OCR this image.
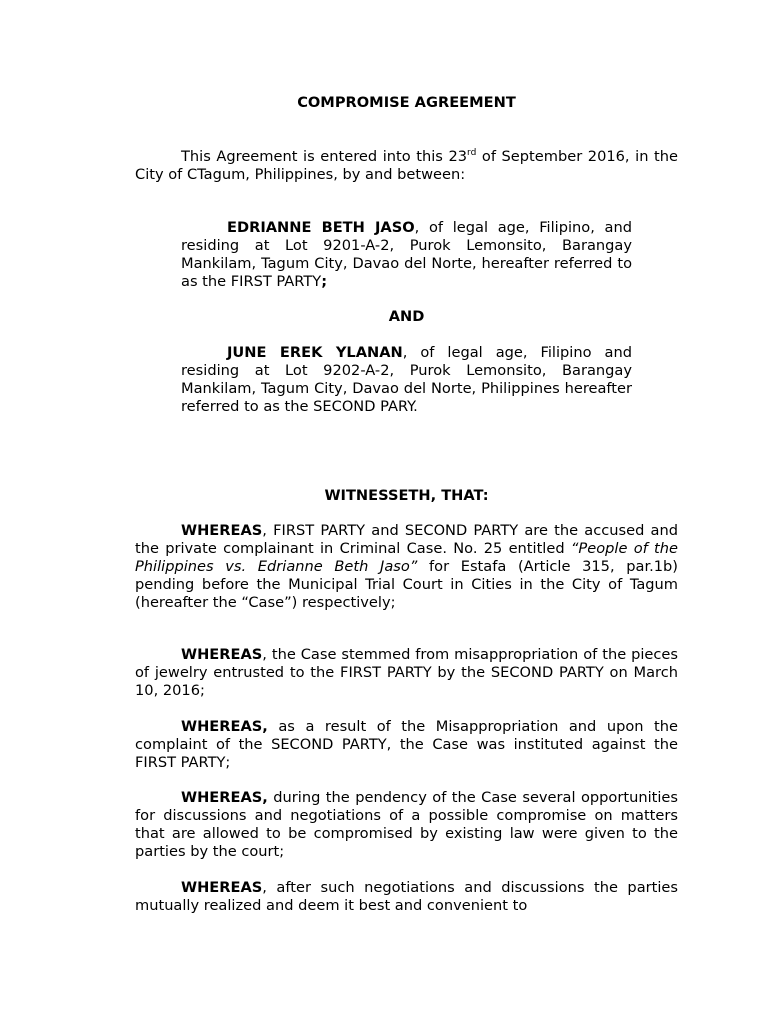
COMPROMISE AGREEMENT

This Agreement is entered into this 23rd of September 2016, in the City of CTagum, Philippines, by and between:

EDRIANNE BETH JASO, of legal age, Filipino, and residing at Lot 9201-A-2, Purok Lemonsito, Barangay Mankilam, Tagum City, Davao del Norte, hereafter referred to as the FIRST PARTY;

AND

JUNE EREK YLANAN, of legal age, Filipino and residing at Lot 9202-A-2, Purok Lemonsito, Barangay Mankilam, Tagum City, Davao del Norte, Philippines hereafter referred to as the SECOND PARY.

WITNESSETH, THAT:

WHEREAS, FIRST PARTY and SECOND PARTY are the accused and the private complainant in Criminal Case. No. 25 entitled “People of the Philippines vs. Edrianne Beth Jaso” for Estafa (Article 315, par.1b) pending before the Municipal Trial Court in Cities in the City of Tagum (hereafter the “Case”) respectively;

WHEREAS, the Case stemmed from misappropriation of the pieces of jewelry entrusted to the FIRST PARTY by the SECOND PARTY on March 10, 2016;

WHEREAS, as a result of the Misappropriation and upon the complaint of the SECOND PARTY, the Case was instituted against the FIRST PARTY;

WHEREAS, during the pendency of the Case several opportunities for discussions and negotiations of a possible compromise on matters that are allowed to be compromised by existing law were given to the parties by the court;

WHEREAS, after such negotiations and discussions the parties mutually realized and deem it best and convenient to
